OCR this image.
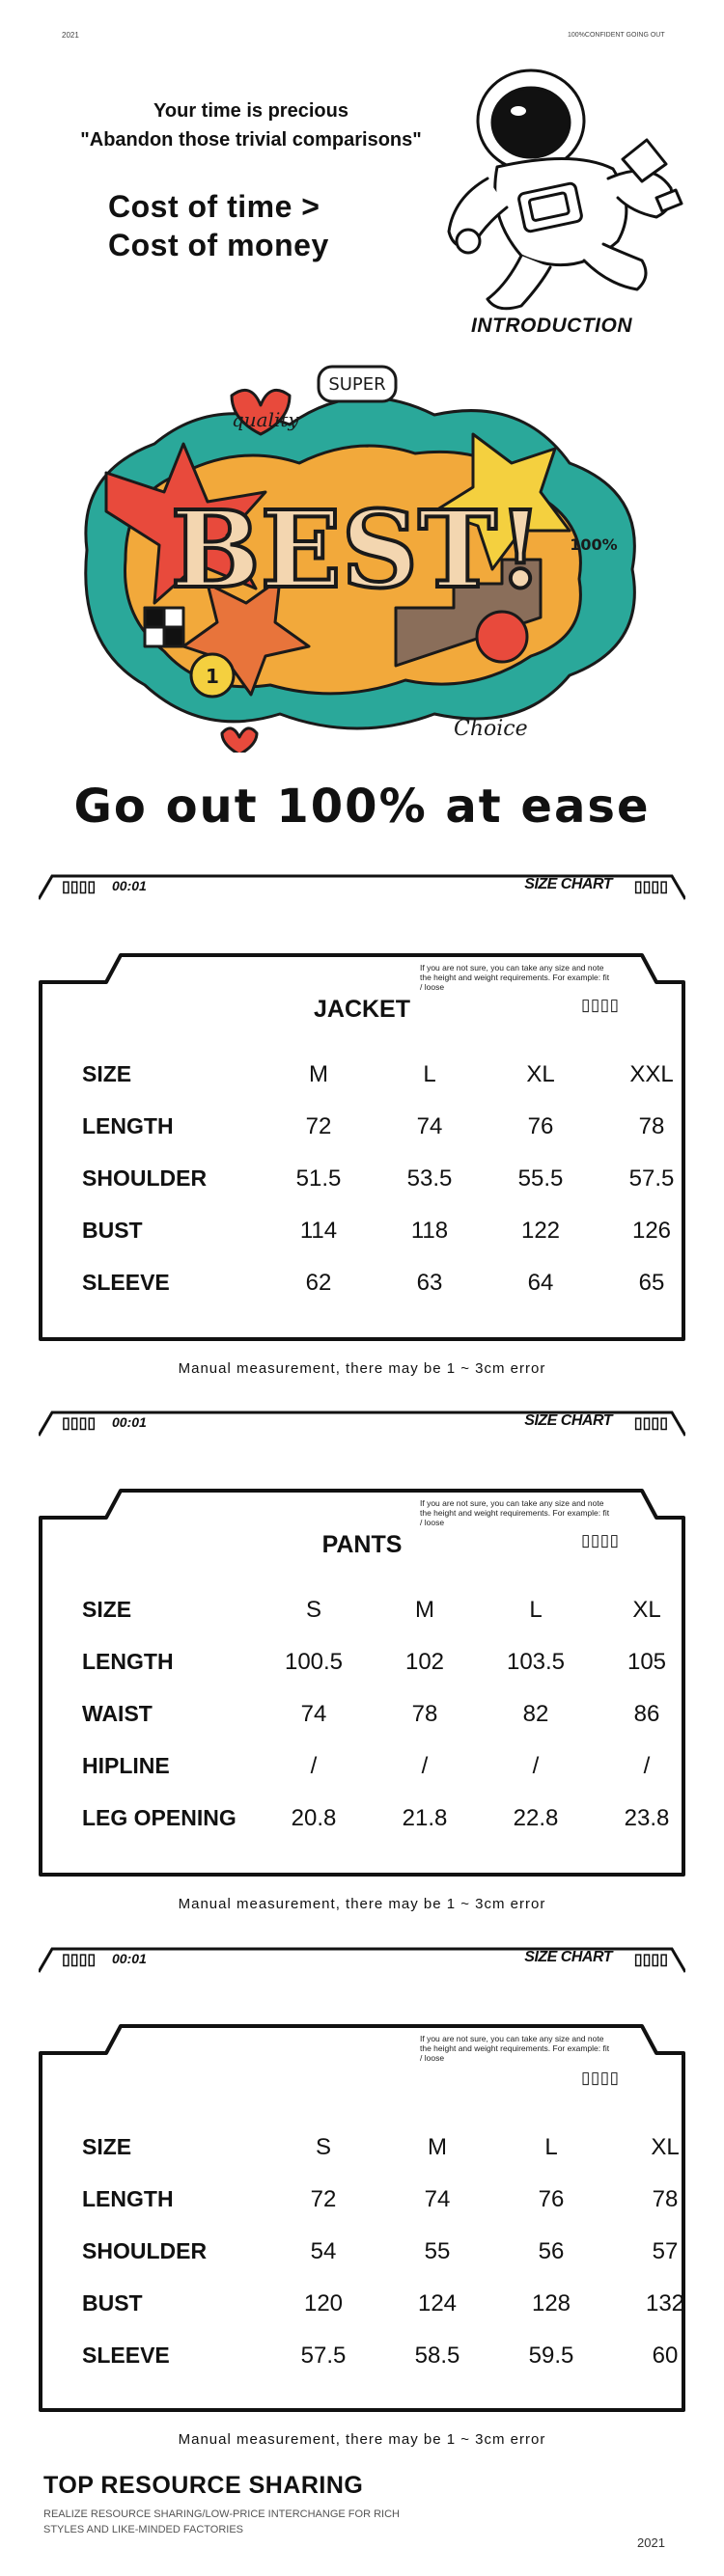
2021	100%CONFIDENT GOING OUT
Your time is precious
"Abandon those trivial comparisons"
Cost of time >
Cost of money
INTRODUCTION
BEST!
quality
SUPER
Choice
100%
1
Go out 100% at ease
▯▯▯▯ 00:01	SIZE CHART ▯▯▯▯
If you are not sure, you can take any size and note the height and weight requirements. For example: fit / loose
▯▯▯▯
JACKET
SIZE	M	L	XL	XXL
LENGTH	72	74	76	78
SHOULDER	51.5	53.5	55.5	57.5
BUST	114	118	122	126
SLEEVE	62	63	64	65
Manual measurement, there may be 1 ~ 3cm error
▯▯▯▯ 00:01	SIZE CHART ▯▯▯▯
If you are not sure, you can take any size and note the height and weight requirements. For example: fit / loose
▯▯▯▯
PANTS
SIZE	S	M	L	XL
LENGTH	100.5	102	103.5	105
WAIST	74	78	82	86
HIPLINE	/	/	/	/
LEG OPENING	20.8	21.8	22.8	23.8
Manual measurement, there may be 1 ~ 3cm error
▯▯▯▯ 00:01	SIZE CHART ▯▯▯▯
If you are not sure, you can take any size and note the height and weight requirements. For example: fit / loose
▯▯▯▯
SIZE	S	M	L	XL
LENGTH	72	74	76	78
SHOULDER	54	55	56	57
BUST	120	124	128	132
SLEEVE	57.5	58.5	59.5	60
Manual measurement, there may be 1 ~ 3cm error
TOP RESOURCE SHARING
REALIZE RESOURCE SHARING/LOW-PRICE INTERCHANGE FOR RICH STYLES AND LIKE-MINDED FACTORIES
2021
